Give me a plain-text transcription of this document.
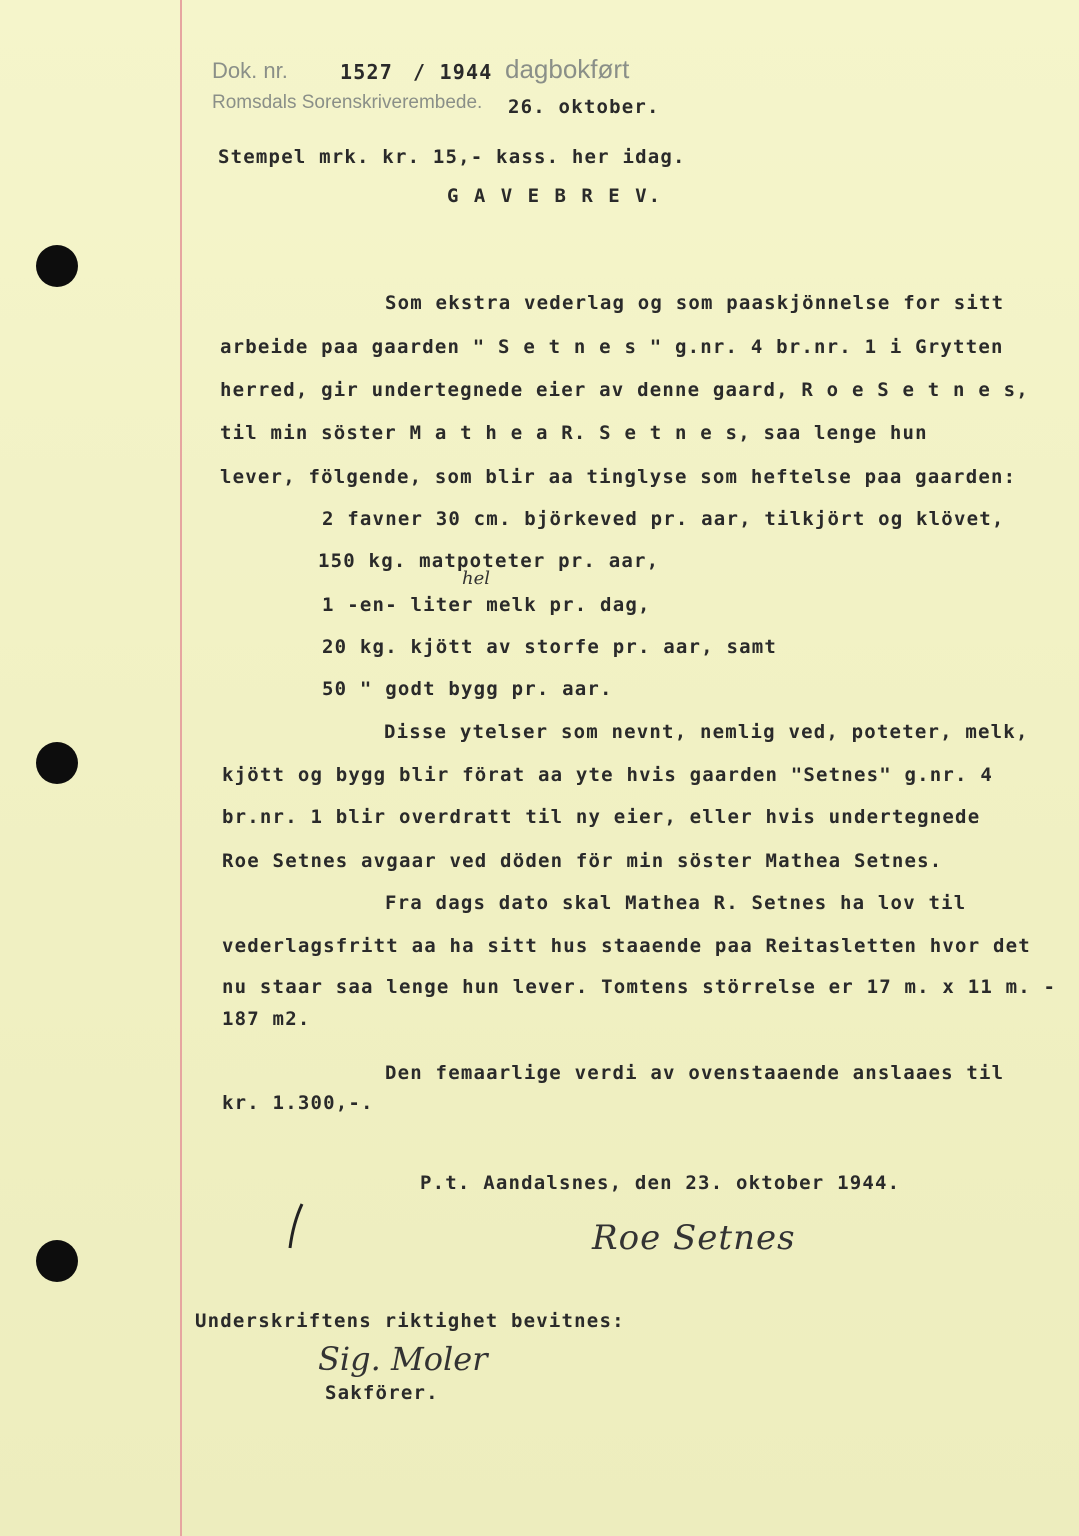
Dok. nr.	1527 / 1944 dagbokført
Romsdals Sorenskriverembede. 26. oktober.
Stempel mrk. kr. 15,- kass. her idag.
G A V E B R E V.
Som ekstra vederlag og som paaskjönnelse for sitt
arbeide paa gaarden " S e t n e s " g.nr. 4 br.nr. 1 i Grytten
herred, gir undertegnede eier av denne gaard, R o e S e t n e s,
til min söster M a t h e a R. S e t n e s, saa lenge hun
lever, fölgende, som blir aa tinglyse som heftelse paa gaarden:
2 favner 30 cm. björkeved pr. aar, tilkjört og klövet,
150 kg. matpoteter pr. aar,
hel
1 -en- liter melk pr. dag,
20 kg. kjött av storfe pr. aar, samt
50 " godt bygg pr. aar.
Disse ytelser som nevnt, nemlig ved, poteter, melk,
kjött og bygg blir förat aa yte hvis gaarden "Setnes" g.nr. 4
br.nr. 1 blir overdratt til ny eier, eller hvis undertegnede
Roe Setnes avgaar ved döden för min söster Mathea Setnes.
Fra dags dato skal Mathea R. Setnes ha lov til
vederlagsfritt aa ha sitt hus staaende paa Reitasletten hvor det
nu staar saa lenge hun lever. Tomtens störrelse er 17 m. x 11 m. -
187 m2.
Den femaarlige verdi av ovenstaaende anslaaes til
kr. 1.300,-.
P.t. Aandalsnes, den 23. oktober 1944.
Roe Setnes
Underskriftens riktighet bevitnes:
Sig. Moler
Sakförer.
